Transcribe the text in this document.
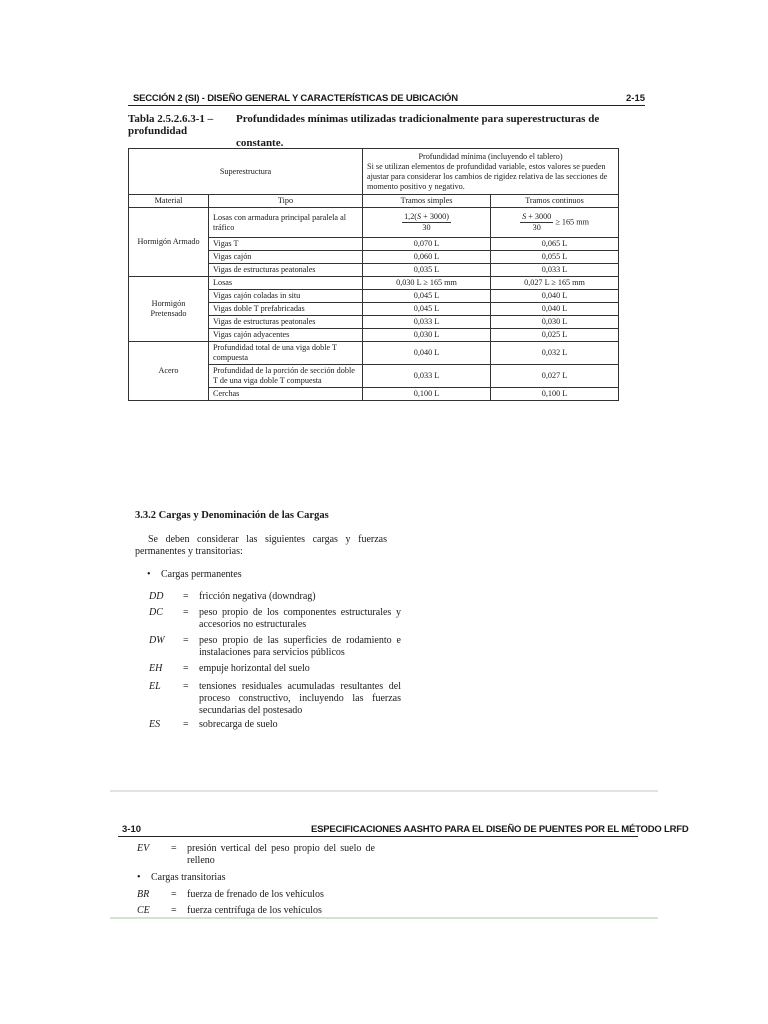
SECCIÓN 2 (SI) - DISEÑO GENERAL Y CARACTERÍSTICAS DE UBICACIÓN	2-15
Tabla 2.5.2.6.3-1 – Profundidades mínimas utilizadas tradicionalmente para superestructuras de profundidad
constante.
Superestructura		Profundidad mínima (incluyendo el tablero)
Si se utilizan elementos de profundidad variable, estos valores se pueden ajustar para considerar los cambios de rigidez relativa de las secciones de momento positivo y negativo.	

Material	Tipo	Tramos simples	Tramos continuos
Hormigón Armado	Losas con armadura principal paralela al tráfico	$\frac{1,2(S + 3000)}{30}$	$\frac{S + 3000}{30} \ge 165$ mm
	Vigas T	0,070 L	0,065 L
	Vigas cajón	0,060 L	0,055 L
	Vigas de estructuras peatonales	0,035 L	0,033 L
Hormigón Pretensado	Losas	0,030 L ≥ 165 mm	0,027 L ≥ 165 mm
	Vigas cajón coladas in situ	0,045 L	0,040 L
	Vigas doble T prefabricadas	0,045 L	0,040 L
	Vigas de estructuras peatonales	0,033 L	0,030 L
	Vigas cajón adyacentes	0,030 L	0,025 L
Acero	Profundidad total de una viga doble T compuesta	0,040 L	0,032 L
	Profundidad de la porción de sección doble T de una viga doble T compuesta	0,033 L	0,027 L
	Cerchas	0,100 L	0,100 L
3.3.2 Cargas y Denominación de las Cargas
Se deben considerar las siguientes cargas y fuerzas permanentes y transitorias:
• Cargas permanentes
DD	= fricción negativa (downdrag)
DC	= peso propio de los componentes estructurales y accesorios no estructurales
DW	= peso propio de las superficies de rodamiento e instalaciones para servicios públicos
EH	= empuje horizontal del suelo
EL	= tensiones residuales acumuladas resultantes del proceso constructivo, incluyendo las fuerzas secundarias del postesado
ES	= sobrecarga de suelo
3-10	ESPECIFICACIONES AASHTO PARA EL DISEÑO DE PUENTES POR EL MÉTODO LRFD
EV	= presión vertical del peso propio del suelo de relleno
• Cargas transitorias
BR	= fuerza de frenado de los vehículos
CE	= fuerza centrífuga de los vehículos
